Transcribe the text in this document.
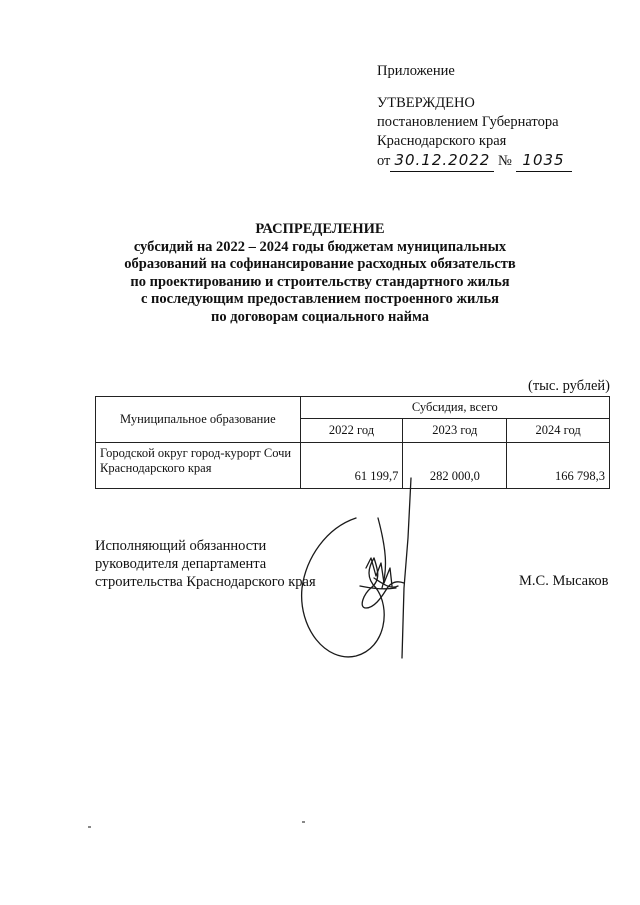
Приложение
УТВЕРЖДЕНО
постановлением Губернатора
Краснодарского края
от 30.12.2022 № 1035
РАСПРЕДЕЛЕНИЕ
субсидий на 2022 – 2024 годы бюджетам муниципальных
образований на софинансирование расходных обязательств
по проектированию и строительству стандартного жилья
с последующим предоставлением построенного жилья
по договорам социального найма
(тыс. рублей)
Муниципальное образование	Субсидия, всего		
	2022 год	2023 год	2024 год
Городской округ город-курорт Сочи Краснодарского края	61 199,7	282 000,0	166 798,3
Исполняющий обязанности
руководителя департамента
строительства Краснодарского края	М.С. Мысаков
